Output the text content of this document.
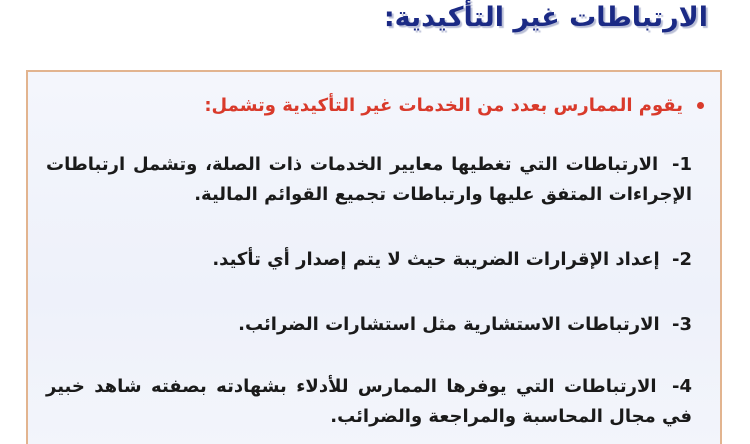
الارتباطات غير التأكيدية:
يقوم الممارس بعدد من الخدمات غير التأكيدية وتشمل:
1- الارتباطات التي تغطيها معايير الخدمات ذات الصلة، وتشمل ارتباطات الإجراءات المتفق عليها وارتباطات تجميع القوائم المالية.
2- إعداد الإقرارات الضريبة حيث لا يتم إصدار أي تأكيد.
3- الارتباطات الاستشارية مثل استشارات الضرائب.
4- الارتباطات التي يوفرها الممارس للأدلاء بشهادته بصفته شاهد خبير في مجال المحاسبة والمراجعة والضرائب.
